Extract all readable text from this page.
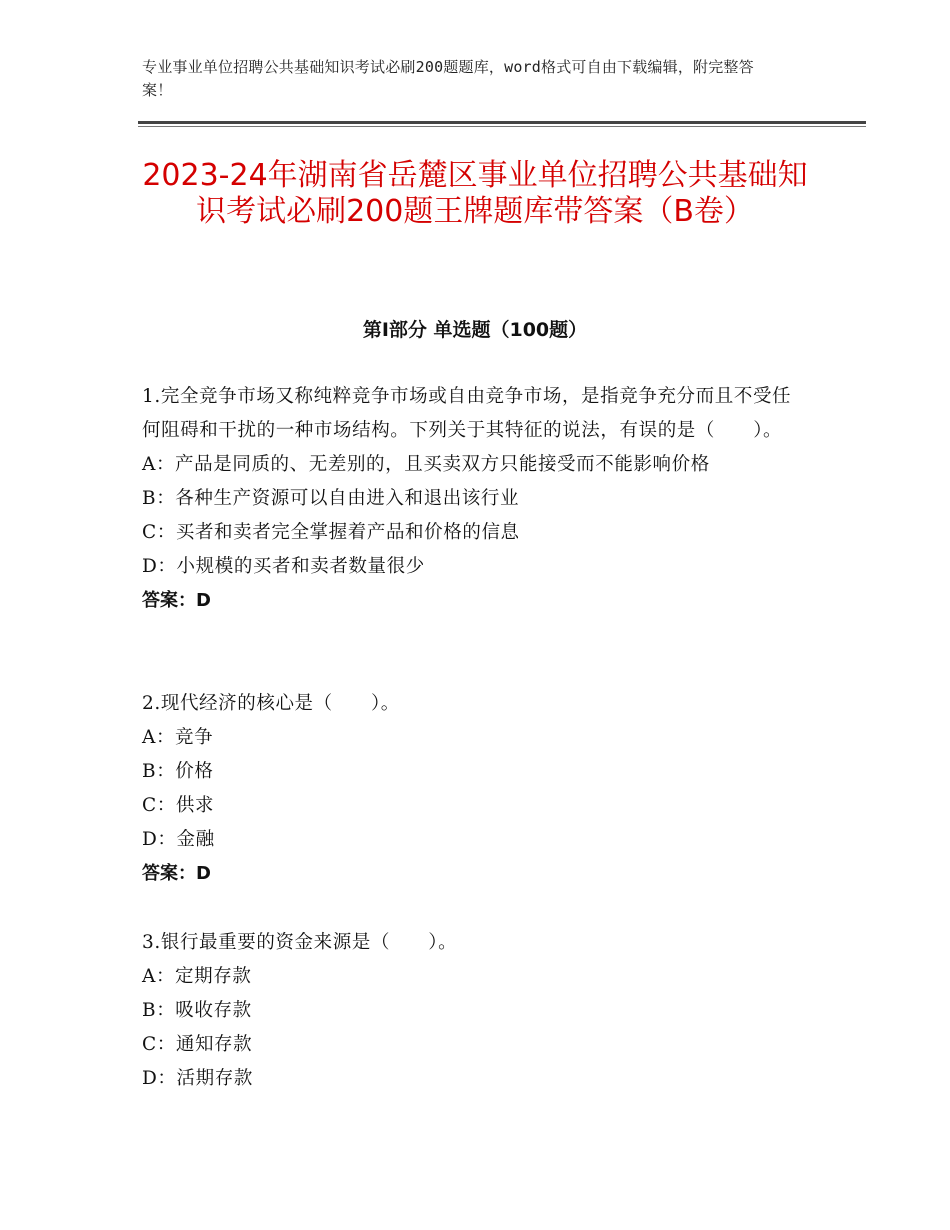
专业事业单位招聘公共基础知识考试必刷200题题库，word格式可自由下载编辑，附完整答案！
2023-24年湖南省岳麓区事业单位招聘公共基础知识考试必刷200题王牌题库带答案（B卷）
第Ⅰ部分 单选题（100题）

1.完全竞争市场又称纯粹竞争市场或自由竞争市场，是指竞争充分而且不受任何阻碍和干扰的一种市场结构。下列关于其特征的说法，有误的是（　　）。

A：产品是同质的、无差别的，且买卖双方只能接受而不能影响价格

B：各种生产资源可以自由进入和退出该行业

C：买者和卖者完全掌握着产品和价格的信息

D：小规模的买者和卖者数量很少

答案：D

2.现代经济的核心是（　　）。

A：竞争

B：价格

C：供求

D：金融

答案：D

3.银行最重要的资金来源是（　　）。

A：定期存款

B：吸收存款

C：通知存款

D：活期存款
